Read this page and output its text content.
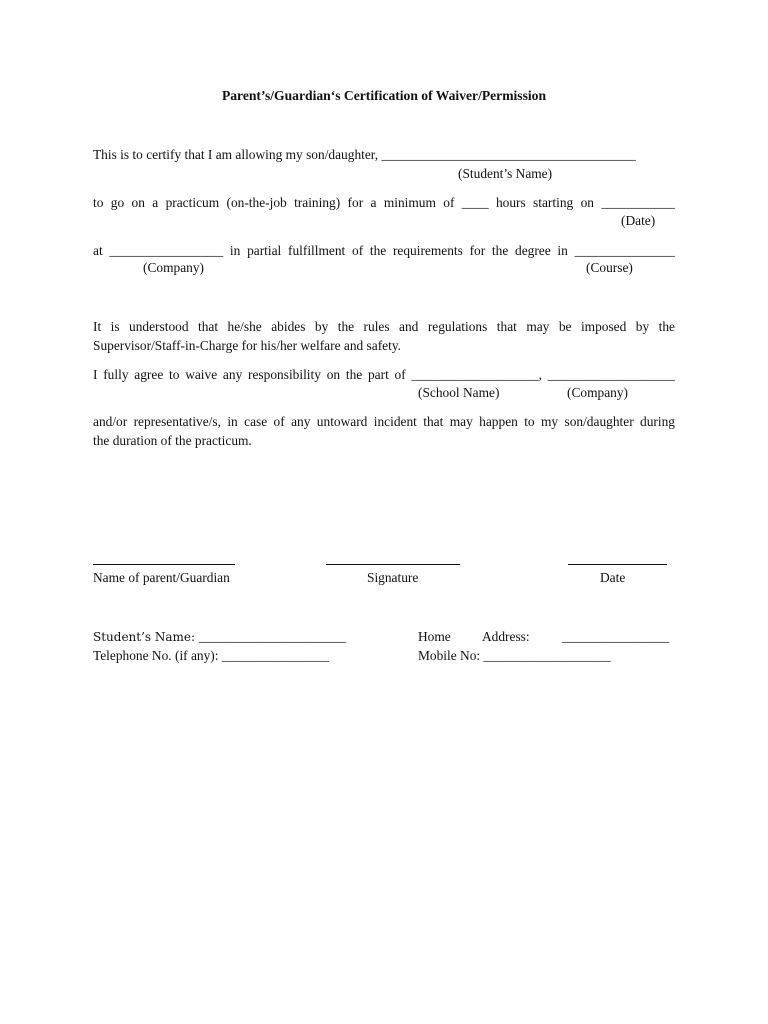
Parent’s/Guardian‘s Certification of Waiver/Permission
This is to certify that I am allowing my son/daughter, ______________________________________
(Student’s Name)
to go on a practicum (on-the-job training) for a minimum of ____ hours starting on ___________
(Date)
at _________________ in partial fulfillment of the requirements for the degree in _______________
(Company)	(Course)
It is understood that he/she abides by the rules and regulations that may be imposed by the
Supervisor/Staff-in-Charge for his/her welfare and safety.
I fully agree to waive any responsibility on the part of ___________________, ___________________
(School Name)	(Company)
and/or representative/s, in case of any untoward incident that may happen to my son/daughter during
the duration of the practicum.
Name of parent/Guardian	Signature	Date
Student’s Name: ______________________
Telephone No. (if any): ________________
Home Address: ________________
Mobile No: ___________________
